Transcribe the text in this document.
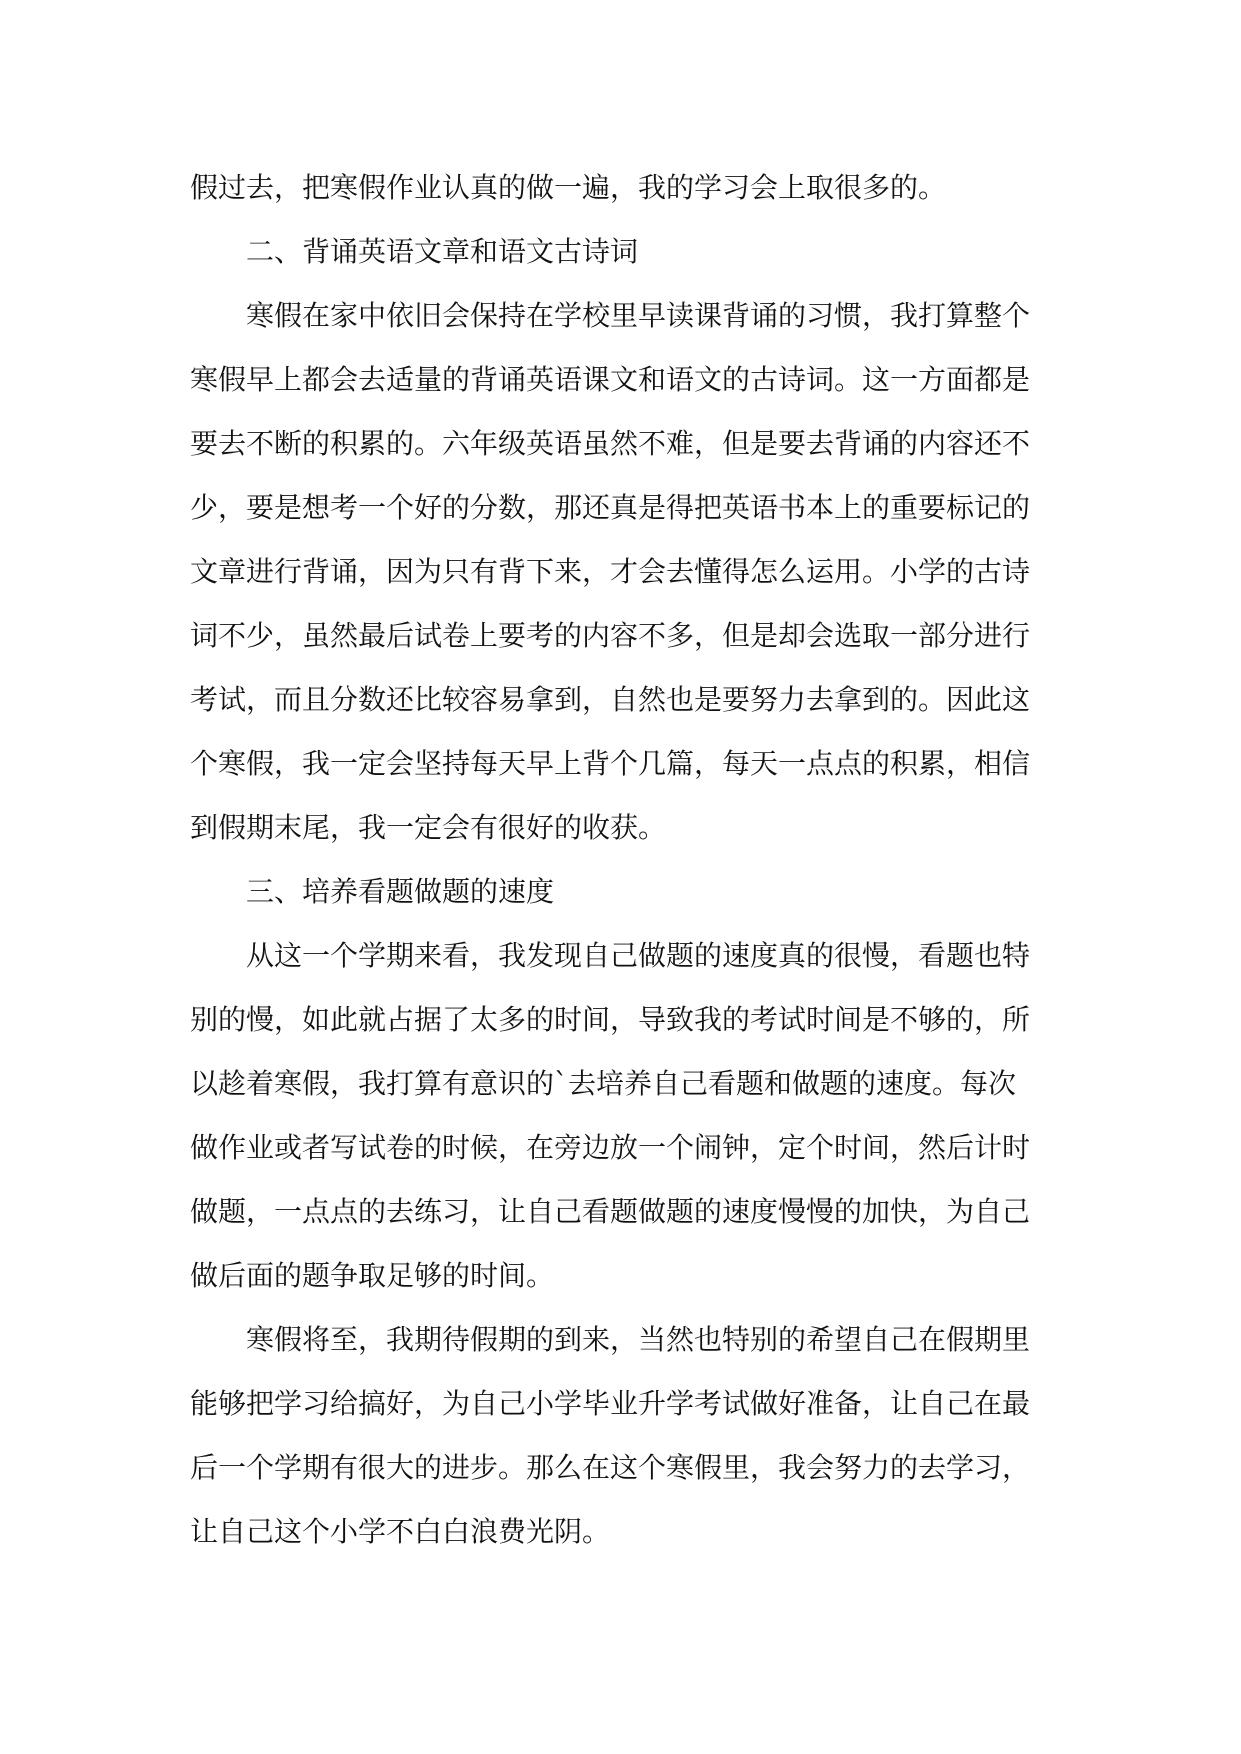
假过去，把寒假作业认真的做一遍，我的学习会上取很多的。
二、背诵英语文章和语文古诗词
寒假在家中依旧会保持在学校里早读课背诵的习惯，我打算整个
寒假早上都会去适量的背诵英语课文和语文的古诗词。这一方面都是
要去不断的积累的。六年级英语虽然不难，但是要去背诵的内容还不
少，要是想考一个好的分数，那还真是得把英语书本上的重要标记的
文章进行背诵，因为只有背下来，才会去懂得怎么运用。小学的古诗
词不少，虽然最后试卷上要考的内容不多，但是却会选取一部分进行
考试，而且分数还比较容易拿到，自然也是要努力去拿到的。因此这
个寒假，我一定会坚持每天早上背个几篇，每天一点点的积累，相信
到假期末尾，我一定会有很好的收获。
三、培养看题做题的速度
从这一个学期来看，我发现自己做题的速度真的很慢，看题也特
别的慢，如此就占据了太多的时间，导致我的考试时间是不够的，所
以趁着寒假，我打算有意识的`去培养自己看题和做题的速度。每次
做作业或者写试卷的时候，在旁边放一个闹钟，定个时间，然后计时
做题，一点点的去练习，让自己看题做题的速度慢慢的加快，为自己
做后面的题争取足够的时间。
寒假将至，我期待假期的到来，当然也特别的希望自己在假期里
能够把学习给搞好，为自己小学毕业升学考试做好准备，让自己在最
后一个学期有很大的进步。那么在这个寒假里，我会努力的去学习，
让自己这个小学不白白浪费光阴。
